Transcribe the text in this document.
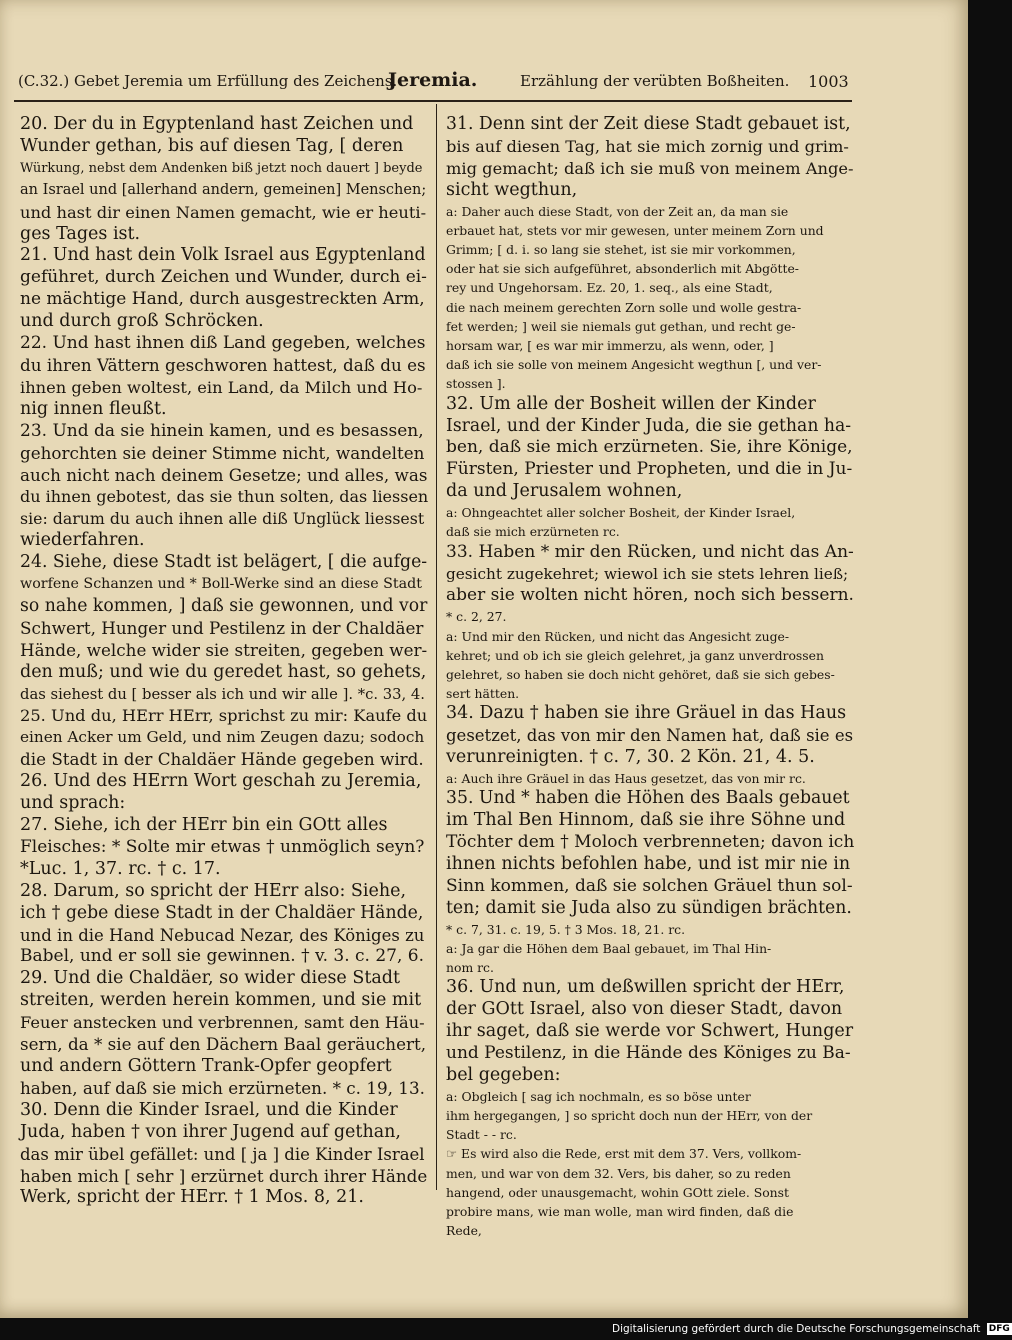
(C.32.) Gebet Jeremia um Erfüllung des Zeichens.
Jeremia.	Erzählung der verübten Boßheiten. 1003

20. Der du in Egyptenland hast Zeichen und

Wunder gethan, bis auf diesen Tag, [ deren

Würkung, nebst dem Andenken biß jetzt noch dauert ] beyde

an Israel und [allerhand andern, gemeinen] Menschen;

und hast dir einen Namen gemacht, wie er heuti-

ges Tages ist.

21. Und hast dein Volk Israel aus Egyptenland

geführet, durch Zeichen und Wunder, durch ei-

ne mächtige Hand, durch ausgestreckten Arm,

und durch groß Schröcken.

22. Und hast ihnen diß Land gegeben, welches

du ihren Vättern geschworen hattest, daß du es

ihnen geben woltest, ein Land, da Milch und Ho-

nig innen fleußt.

23. Und da sie hinein kamen, und es besassen,

gehorchten sie deiner Stimme nicht, wandelten

auch nicht nach deinem Gesetze; und alles, was

du ihnen gebotest, das sie thun solten, das liessen

sie: darum du auch ihnen alle diß Unglück liessest

wiederfahren.

24. Siehe, diese Stadt ist belägert, [ die aufge-

worfene Schanzen und * Boll-Werke sind an diese Stadt

so nahe kommen, ] daß sie gewonnen, und vor

Schwert, Hunger und Pestilenz in der Chaldäer

Hände, welche wider sie streiten, gegeben wer-

den muß; und wie du geredet hast, so gehets,

das siehest du [ besser als ich und wir alle ]. *c. 33, 4.

25. Und du, HErr HErr, sprichst zu mir: Kaufe du

einen Acker um Geld, und nim Zeugen dazu; sodoch

die Stadt in der Chaldäer Hände gegeben wird.

26. Und des HErrn Wort geschah zu Jeremia,

und sprach:

27. Siehe, ich der HErr bin ein GOtt alles

Fleisches: * Solte mir etwas † unmöglich seyn?

*Luc. 1, 37. rc. † c. 17.

28. Darum, so spricht der HErr also: Siehe,

ich † gebe diese Stadt in der Chaldäer Hände,

und in die Hand Nebucad Nezar, des Königes zu

Babel, und er soll sie gewinnen. † v. 3. c. 27, 6.

29. Und die Chaldäer, so wider diese Stadt

streiten, werden herein kommen, und sie mit

Feuer anstecken und verbrennen, samt den Häu-

sern, da * sie auf den Dächern Baal geräuchert,

und andern Göttern Trank-Opfer geopfert

haben, auf daß sie mich erzürneten. * c. 19, 13.

30. Denn die Kinder Israel, und die Kinder

Juda, haben † von ihrer Jugend auf gethan,

das mir übel gefället: und [ ja ] die Kinder Israel

haben mich [ sehr ] erzürnet durch ihrer Hände

Werk, spricht der HErr. † 1 Mos. 8, 21.

31. Denn sint der Zeit diese Stadt gebauet ist,

bis auf diesen Tag, hat sie mich zornig und grim-

mig gemacht; daß ich sie muß von meinem Ange-

sicht wegthun,

a: Daher auch diese Stadt, von der Zeit an, da man sie

erbauet hat, stets vor mir gewesen, unter meinem Zorn und

Grimm; [ d. i. so lang sie stehet, ist sie mir vorkommen,

oder hat sie sich aufgeführet, absonderlich mit Abgötte-

rey und Ungehorsam. Ez. 20, 1. seq., als eine Stadt,

die nach meinem gerechten Zorn solle und wolle gestra-

fet werden; ] weil sie niemals gut gethan, und recht ge-

horsam war, [ es war mir immerzu, als wenn, oder, ]

daß ich sie solle von meinem Angesicht wegthun [, und ver-

stossen ].

32. Um alle der Bosheit willen der Kinder

Israel, und der Kinder Juda, die sie gethan ha-

ben, daß sie mich erzürneten. Sie, ihre Könige,

Fürsten, Priester und Propheten, und die in Ju-

da und Jerusalem wohnen,

a: Ohngeachtet aller solcher Bosheit, der Kinder Israel,

daß sie mich erzürneten rc.

33. Haben * mir den Rücken, und nicht das An-

gesicht zugekehret; wiewol ich sie stets lehren ließ;

aber sie wolten nicht hören, noch sich bessern.

* c. 2, 27.

a: Und mir den Rücken, und nicht das Angesicht zuge-

kehret; und ob ich sie gleich gelehret, ja ganz unverdrossen

gelehret, so haben sie doch nicht gehöret, daß sie sich gebes-

sert hätten.

34. Dazu † haben sie ihre Gräuel in das Haus

gesetzet, das von mir den Namen hat, daß sie es

verunreinigten. † c. 7, 30. 2 Kön. 21, 4. 5.

a: Auch ihre Gräuel in das Haus gesetzet, das von mir rc.

35. Und * haben die Höhen des Baals gebauet

im Thal Ben Hinnom, daß sie ihre Söhne und

Töchter dem † Moloch verbrenneten; davon ich

ihnen nichts befohlen habe, und ist mir nie in

Sinn kommen, daß sie solchen Gräuel thun sol-

ten; damit sie Juda also zu sündigen brächten.

* c. 7, 31. c. 19, 5. † 3 Mos. 18, 21. rc.

a: Ja gar die Höhen dem Baal gebauet, im Thal Hin-

nom rc.

36. Und nun, um deßwillen spricht der HErr,

der GOtt Israel, also von dieser Stadt, davon

ihr saget, daß sie werde vor Schwert, Hunger

und Pestilenz, in die Hände des Königes zu Ba-

bel gegeben:

a: Obgleich [ sag ich nochmaln, es so böse unter

ihm hergegangen, ] so spricht doch nun der HErr, von der

Stadt - - rc.

☞ Es wird also die Rede, erst mit dem 37. Vers, vollkom-

men, und war von dem 32. Vers, bis daher, so zu reden

hangend, oder unausgemacht, wohin GOtt ziele. Sonst

probire mans, wie man wolle, man wird finden, daß die

Rede,

Digitalisierung gefördert durch die Deutsche Forschungsgemeinschaft DFG
